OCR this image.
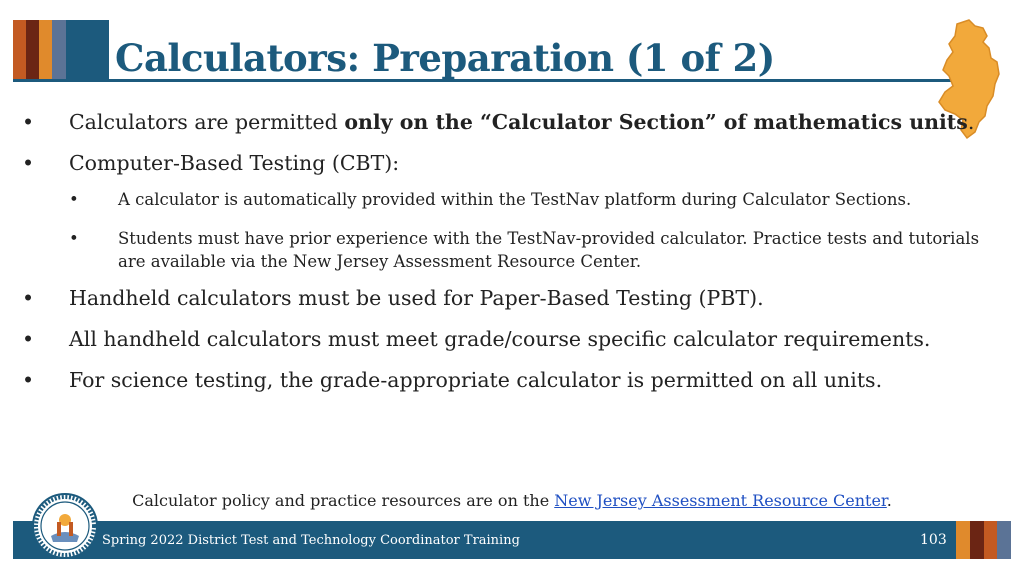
Calculators: Preparation (1 of 2)
• Calculators are permitted only on the “Calculator Section” of mathematics units.
• Computer-Based Testing (CBT):
• A calculator is automatically provided within the TestNav platform during Calculator Sections.
• Students must have prior experience with the TestNav-provided calculator. Practice tests and tutorials are available via the New Jersey Assessment Resource Center.
• Handheld calculators must be used for Paper-Based Testing (PBT).
• All handheld calculators must meet grade/course specific calculator requirements.
• For science testing, the grade-appropriate calculator is permitted on all units.
Calculator policy and practice resources are on the New Jersey Assessment Resource Center.
Spring 2022 District Test and Technology Coordinator Training	103
